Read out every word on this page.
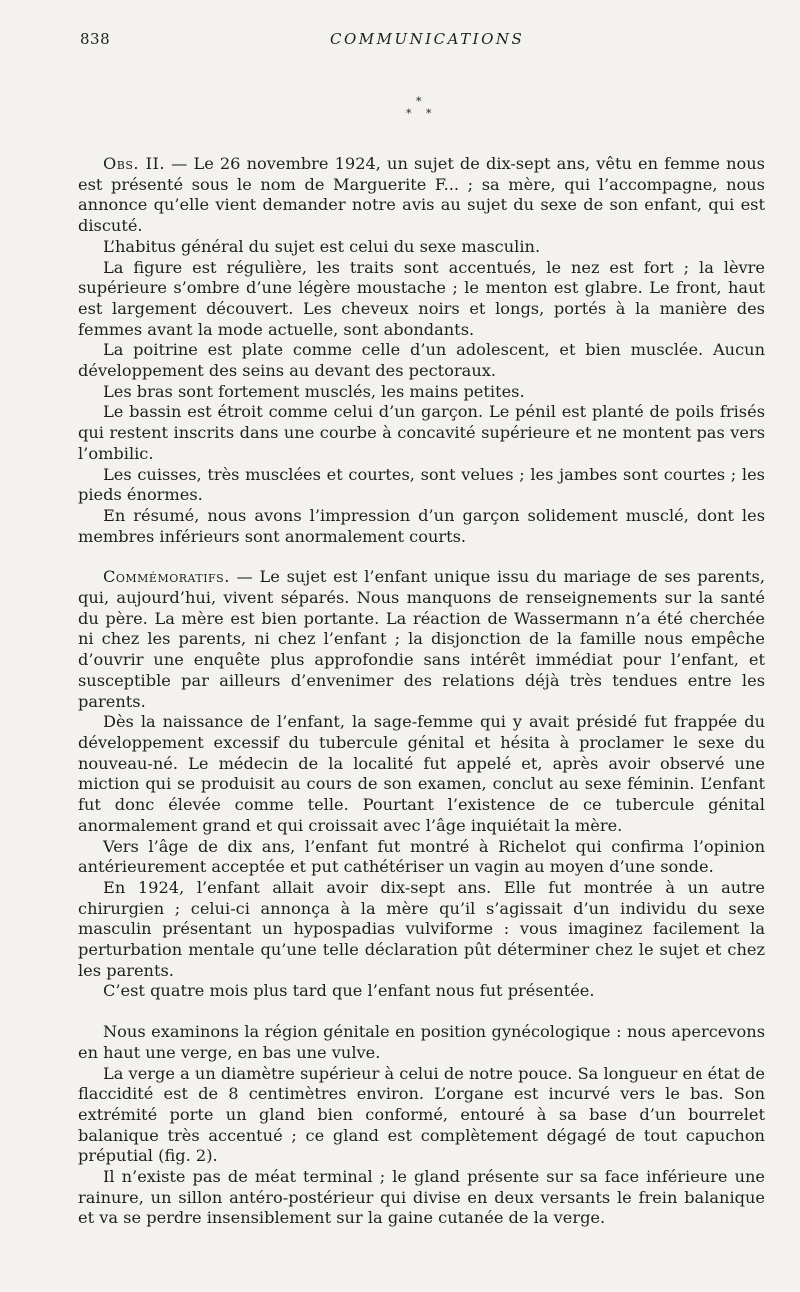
838	COMMUNICATIONS
*
* *

Obs. II. — Le 26 novembre 1924, un sujet de dix-sept ans, vêtu en femme nous est présenté sous le nom de Marguerite F... ; sa mère, qui l’accompagne, nous annonce qu’elle vient demander notre avis au sujet du sexe de son enfant, qui est discuté.

L’habitus général du sujet est celui du sexe masculin.

La figure est régulière, les traits sont accentués, le nez est fort ; la lèvre supérieure s’ombre d’une légère moustache ; le menton est glabre. Le front, haut est largement découvert. Les cheveux noirs et longs, portés à la manière des femmes avant la mode actuelle, sont abondants.

La poitrine est plate comme celle d’un adolescent, et bien musclée. Aucun développement des seins au devant des pectoraux.

Les bras sont fortement musclés, les mains petites.

Le bassin est étroit comme celui d’un garçon. Le pénil est planté de poils frisés qui restent inscrits dans une courbe à concavité supérieure et ne montent pas vers l’ombilic.

Les cuisses, très musclées et courtes, sont velues ; les jambes sont courtes ; les pieds énormes.

En résumé, nous avons l’impression d’un garçon solidement musclé, dont les membres inférieurs sont anormalement courts.

Commémoratifs. — Le sujet est l’enfant unique issu du mariage de ses parents, qui, aujourd’hui, vivent séparés. Nous manquons de renseignements sur la santé du père. La mère est bien portante. La réaction de Wassermann n’a été cherchée ni chez les parents, ni chez l’enfant ; la disjonction de la famille nous empêche d’ouvrir une enquête plus approfondie sans intérêt immédiat pour l’enfant, et susceptible par ailleurs d’envenimer des relations déjà très tendues entre les parents.

Dès la naissance de l’enfant, la sage-femme qui y avait présidé fut frappée du développement excessif du tubercule génital et hésita à proclamer le sexe du nouveau-né. Le médecin de la localité fut appelé et, après avoir observé une miction qui se produisit au cours de son examen, conclut au sexe féminin. L’enfant fut donc élevée comme telle. Pourtant l’existence de ce tubercule génital anormalement grand et qui croissait avec l’âge inquiétait la mère.

Vers l’âge de dix ans, l’enfant fut montré à Richelot qui confirma l’opinion antérieurement acceptée et put cathétériser un vagin au moyen d’une sonde.

En 1924, l’enfant allait avoir dix-sept ans. Elle fut montrée à un autre chirurgien ; celui-ci annonça à la mère qu’il s’agissait d’un individu du sexe masculin présentant un hypospadias vulviforme : vous imaginez facilement la perturbation mentale qu’une telle déclaration pût déterminer chez le sujet et chez les parents.

C’est quatre mois plus tard que l’enfant nous fut présentée.

Nous examinons la région génitale en position gynécologique : nous apercevons en haut une verge, en bas une vulve.

La verge a un diamètre supérieur à celui de notre pouce. Sa longueur en état de flaccidité est de 8 centimètres environ. L’organe est incurvé vers le bas. Son extrémité porte un gland bien conformé, entouré à sa base d’un bourrelet balanique très accentué ; ce gland est complètement dégagé de tout capuchon préputial (fig. 2).

Il n’existe pas de méat terminal ; le gland présente sur sa face inférieure une rainure, un sillon antéro-postérieur qui divise en deux versants le frein balanique et va se perdre insensiblement sur la gaine cutanée de la verge.
